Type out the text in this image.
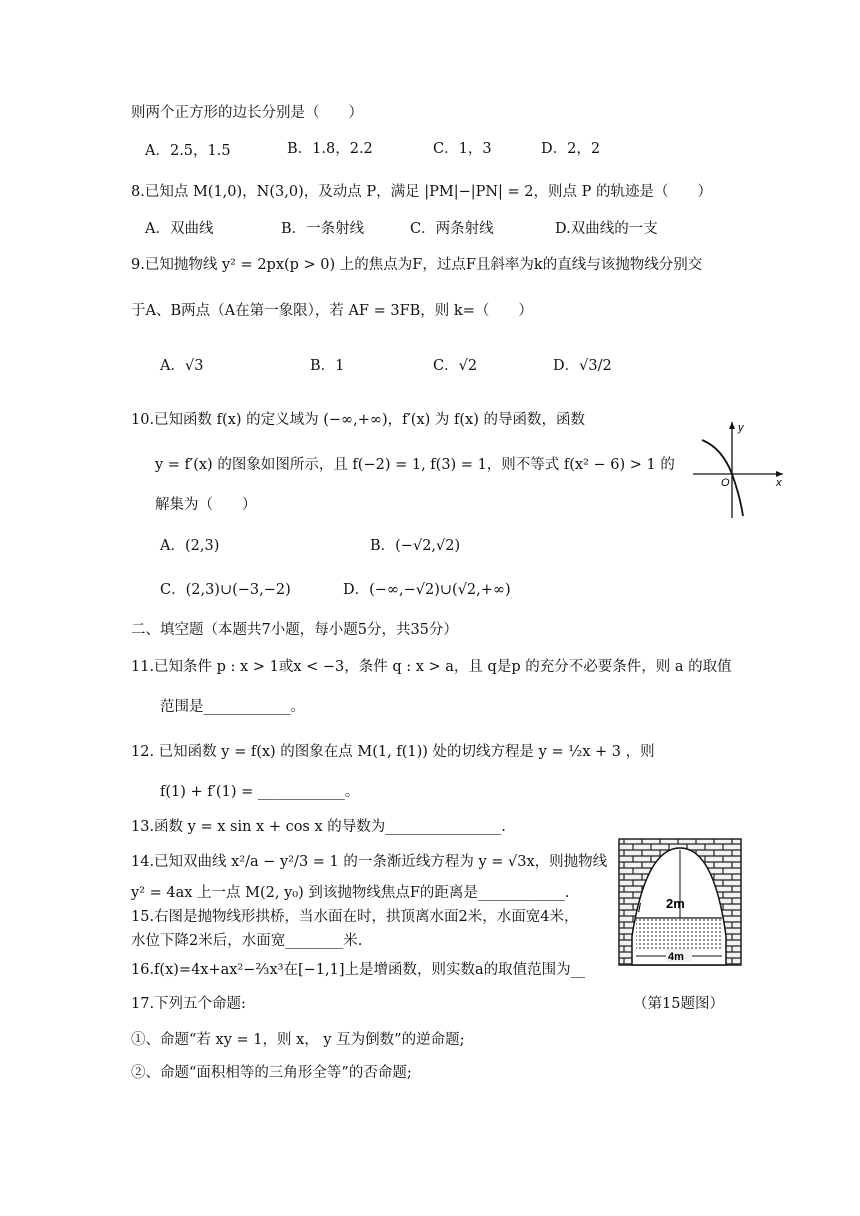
则两个正方形的边长分别是（　　）
A．2.5，1.5	B．1.8，2.2	C．1，3	D．2，2
8.已知点 M(1,0)，N(3,0)，及动点 P，满足 |PM|−|PN| = 2，则点 P 的轨迹是（　　）
A．双曲线	B．一条射线	C．两条射线	D.双曲线的一支
9.已知抛物线 y² = 2px(p > 0) 上的焦点为F，过点F且斜率为k的直线与该抛物线分别交
于A、B两点（A在第一象限），若 AF = 3FB，则 k=（　　）
A．√3	B．1	C．√2	D．√3/2
10.已知函数 f(x) 的定义域为 (−∞,+∞)，f′(x) 为 f(x) 的导函数，函数
y = f′(x) 的图象如图所示，且 f(−2) = 1, f(3) = 1，则不等式 f(x² − 6) > 1 的
解集为（　　）
A．(2,3)	B．(−√2,√2)
C．(2,3)∪(−3,−2)	D．(−∞,−√2)∪(√2,+∞)
y
x
O
二、填空题（本题共7小题，每小题5分，共35分）
11.已知条件 p : x > 1或x < −3，条件 q : x > a，且 q是p 的充分不必要条件，则 a 的取值
范围是____________。
12. 已知函数 y = f(x) 的图象在点 M(1, f(1)) 处的切线方程是 y = ½x + 3 ，则
f(1) + f′(1) = ____________。
13.函数 y = x sin x + cos x 的导数为________________.
14.已知双曲线 x²/a − y²/3 = 1 的一条渐近线方程为 y = √3x，则抛物线
y² = 4ax 上一点 M(2, y₀) 到该抛物线焦点F的距离是____________.
15.右图是抛物线形拱桥，当水面在时，拱顶离水面2米，水面宽4米，
水位下降2米后，水面宽________米.
16.f(x)=4x+ax²−⅔x³在[−1,1]上是增函数，则实数a的取值范围为__
2m
l
4m
17.下列五个命题:	（第15题图）
①、命题“若 xy = 1，则 x， y 互为倒数”的逆命题;
②、命题“面积相等的三角形全等”的否命题;
